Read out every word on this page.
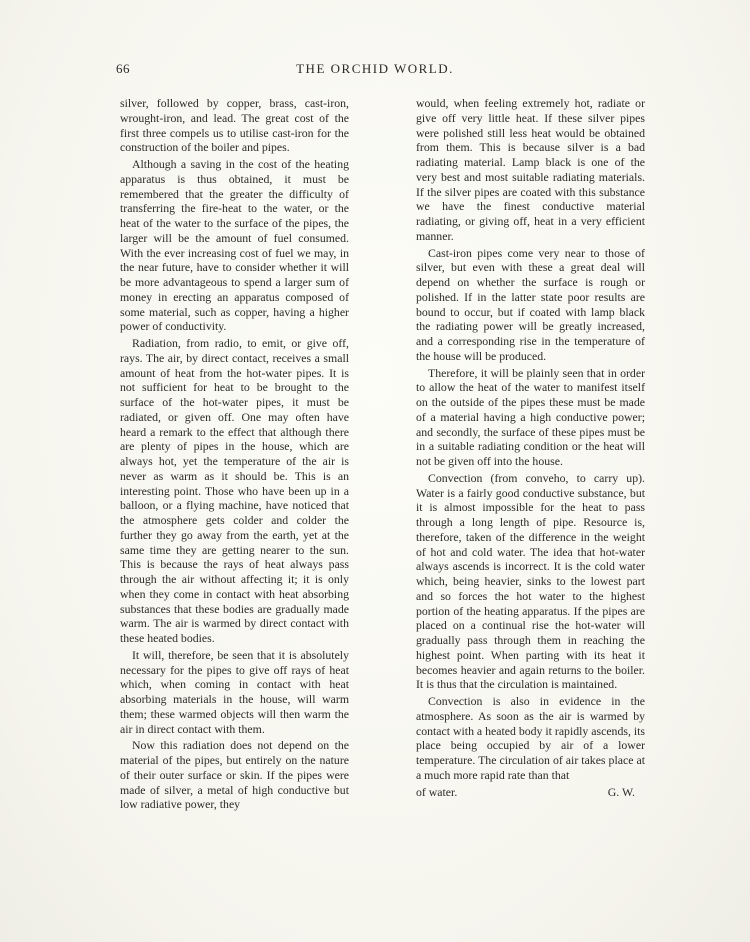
66	THE ORCHID WORLD.

silver, followed by copper, brass, cast-iron, wrought-iron, and lead. The great cost of the first three compels us to utilise cast-iron for the construction of the boiler and pipes.

Although a saving in the cost of the heating apparatus is thus obtained, it must be remembered that the greater the difficulty of transferring the fire-heat to the water, or the heat of the water to the surface of the pipes, the larger will be the amount of fuel consumed. With the ever increasing cost of fuel we may, in the near future, have to consider whether it will be more advantageous to spend a larger sum of money in erecting an apparatus composed of some material, such as copper, having a higher power of conductivity.

Radiation, from radio, to emit, or give off, rays. The air, by direct contact, receives a small amount of heat from the hot-water pipes. It is not sufficient for heat to be brought to the surface of the hot-water pipes, it must be radiated, or given off. One may often have heard a remark to the effect that although there are plenty of pipes in the house, which are always hot, yet the temperature of the air is never as warm as it should be. This is an interesting point. Those who have been up in a balloon, or a flying machine, have noticed that the atmosphere gets colder and colder the further they go away from the earth, yet at the same time they are getting nearer to the sun. This is because the rays of heat always pass through the air without affecting it; it is only when they come in contact with heat absorbing substances that these bodies are gradually made warm. The air is warmed by direct contact with these heated bodies.

It will, therefore, be seen that it is absolutely necessary for the pipes to give off rays of heat which, when coming in contact with heat absorbing materials in the house, will warm them; these warmed objects will then warm the air in direct contact with them.

Now this radiation does not depend on the material of the pipes, but entirely on the nature of their outer surface or skin. If the pipes were made of silver, a metal of high conductive but low radiative power, they

would, when feeling extremely hot, radiate or give off very little heat. If these silver pipes were polished still less heat would be obtained from them. This is because silver is a bad radiating material. Lamp black is one of the very best and most suitable radiating materials. If the silver pipes are coated with this substance we have the finest conductive material radiating, or giving off, heat in a very efficient manner.

Cast-iron pipes come very near to those of silver, but even with these a great deal will depend on whether the surface is rough or polished. If in the latter state poor results are bound to occur, but if coated with lamp black the radiating power will be greatly increased, and a corresponding rise in the temperature of the house will be produced.

Therefore, it will be plainly seen that in order to allow the heat of the water to manifest itself on the outside of the pipes these must be made of a material having a high conductive power; and secondly, the surface of these pipes must be in a suitable radiating condition or the heat will not be given off into the house.

Convection (from conveho, to carry up). Water is a fairly good conductive substance, but it is almost impossible for the heat to pass through a long length of pipe. Resource is, therefore, taken of the difference in the weight of hot and cold water. The idea that hot-water always ascends is incorrect. It is the cold water which, being heavier, sinks to the lowest part and so forces the hot water to the highest portion of the heating apparatus. If the pipes are placed on a continual rise the hot-water will gradually pass through them in reaching the highest point. When parting with its heat it becomes heavier and again returns to the boiler. It is thus that the circulation is maintained.

Convection is also in evidence in the atmosphere. As soon as the air is warmed by contact with a heated body it rapidly ascends, its place being occupied by air of a lower temperature. The circulation of air takes place at a much more rapid rate than that

of water.	G. W.
